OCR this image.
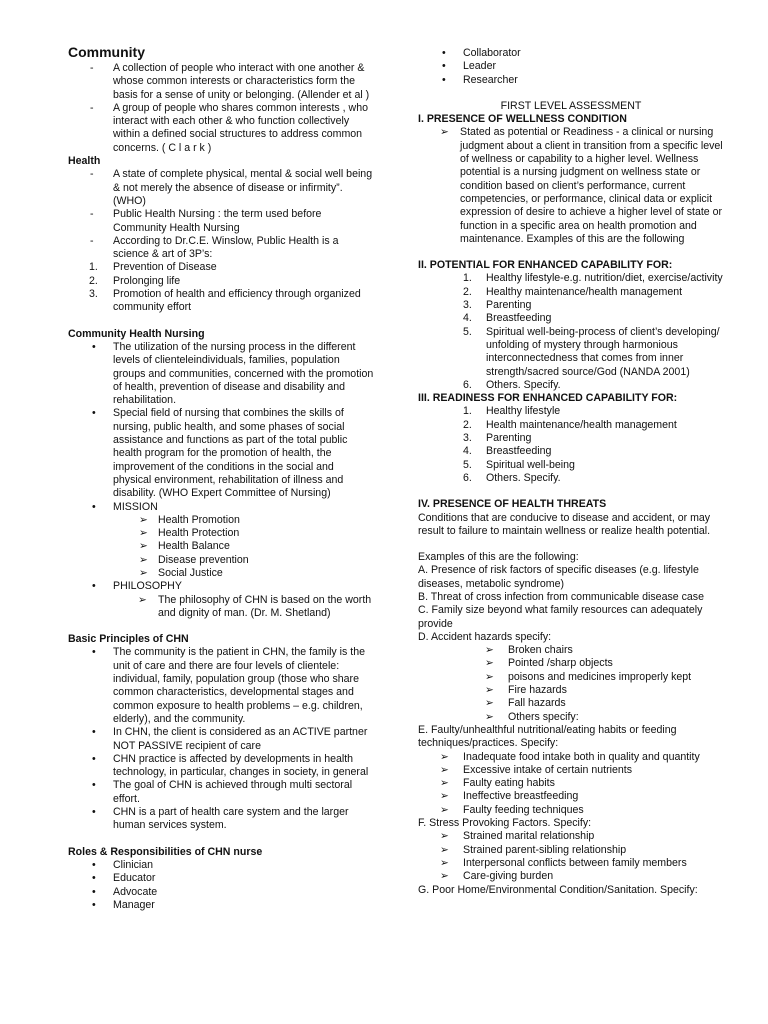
Community
- A collection of people who interact with one another & whose common interests or characteristics form the basis for a sense of unity or belonging. (Allender et al )
- A group of people who shares common interests , who interact with each other & who function collectively within a defined social structures to address common concerns. ( C l a r k )
Health
- A state of complete physical, mental & social well being & not merely the absence of disease or infirmity”. (WHO)
- Public Health Nursing : the term used before Community Health Nursing
- According to Dr.C.E. Winslow, Public Health is a science & art of 3P’s:
1. Prevention of Disease
2. Prolonging life
3. Promotion of health and efficiency through organized community effort
Community Health Nursing
• The utilization of the nursing process in the different levels of clienteleindividuals, families, population groups and communities, concerned with the promotion of health, prevention of disease and disability and rehabilitation.
• Special field of nursing that combines the skills of nursing, public health, and some phases of social assistance and functions as part of the total public health program for the promotion of health, the improvement of the conditions in the social and physical environment, rehabilitation of illness and disability. (WHO Expert Committee of Nursing)
• MISSION
➢ Health Promotion
➢ Health Protection
➢ Health Balance
➢ Disease prevention
➢ Social Justice
• PHILOSOPHY
➢ The philosophy of CHN is based on the worth and dignity of man. (Dr. M. Shetland)
Basic Principles of CHN
• The community is the patient in CHN, the family is the unit of care and there are four levels of clientele: individual, family, population group (those who share common characteristics, developmental stages and common exposure to health problems – e.g. children, elderly), and the community.
• In CHN, the client is considered as an ACTIVE partner NOT PASSIVE recipient of care
• CHN practice is affected by developments in health technology, in particular, changes in society, in general
• The goal of CHN is achieved through multi sectoral effort.
• CHN is a part of health care system and the larger human services system.
Roles & Responsibilities of CHN nurse
• Clinician
• Educator
• Advocate
• Manager
• Collaborator
• Leader
• Researcher
FIRST LEVEL ASSESSMENT
I. PRESENCE OF WELLNESS CONDITION
➢ Stated as potential or Readiness - a clinical or nursing judgment about a client in transition from a specific level of wellness or capability to a higher level. Wellness potential is a nursing judgment on wellness state or condition based on client’s performance, current competencies, or performance, clinical data or explicit expression of desire to achieve a higher level of state or function in a specific area on health promotion and maintenance. Examples of this are the following
II. POTENTIAL FOR ENHANCED CAPABILITY FOR:
1. Healthy lifestyle-e.g. nutrition/diet, exercise/activity
2. Healthy maintenance/health management
3. Parenting
4. Breastfeeding
5. Spiritual well-being-process of client’s developing/ unfolding of mystery through harmonious interconnectedness that comes from inner strength/sacred source/God (NANDA 2001)
6. Others. Specify.
III. READINESS FOR ENHANCED CAPABILITY FOR:
1. Healthy lifestyle
2. Health maintenance/health management
3. Parenting
4. Breastfeeding
5. Spiritual well-being
6. Others. Specify.
IV. PRESENCE OF HEALTH THREATS
Conditions that are conducive to disease and accident, or may result to failure to maintain wellness or realize health potential.
Examples of this are the following:
A. Presence of risk factors of specific diseases (e.g. lifestyle diseases, metabolic syndrome)
B. Threat of cross infection from communicable disease case
C. Family size beyond what family resources can adequately provide
D. Accident hazards specify:
➢ Broken chairs
➢ Pointed /sharp objects
➢ poisons and medicines improperly kept
➢ Fire hazards
➢ Fall hazards
➢ Others specify:
E. Faulty/unhealthful nutritional/eating habits or feeding techniques/practices. Specify:
➢ Inadequate food intake both in quality and quantity
➢ Excessive intake of certain nutrients
➢ Faulty eating habits
➢ Ineffective breastfeeding
➢ Faulty feeding techniques
F. Stress Provoking Factors. Specify:
➢ Strained marital relationship
➢ Strained parent-sibling relationship
➢ Interpersonal conflicts between family members
➢ Care-giving burden
G. Poor Home/Environmental Condition/Sanitation. Specify:
